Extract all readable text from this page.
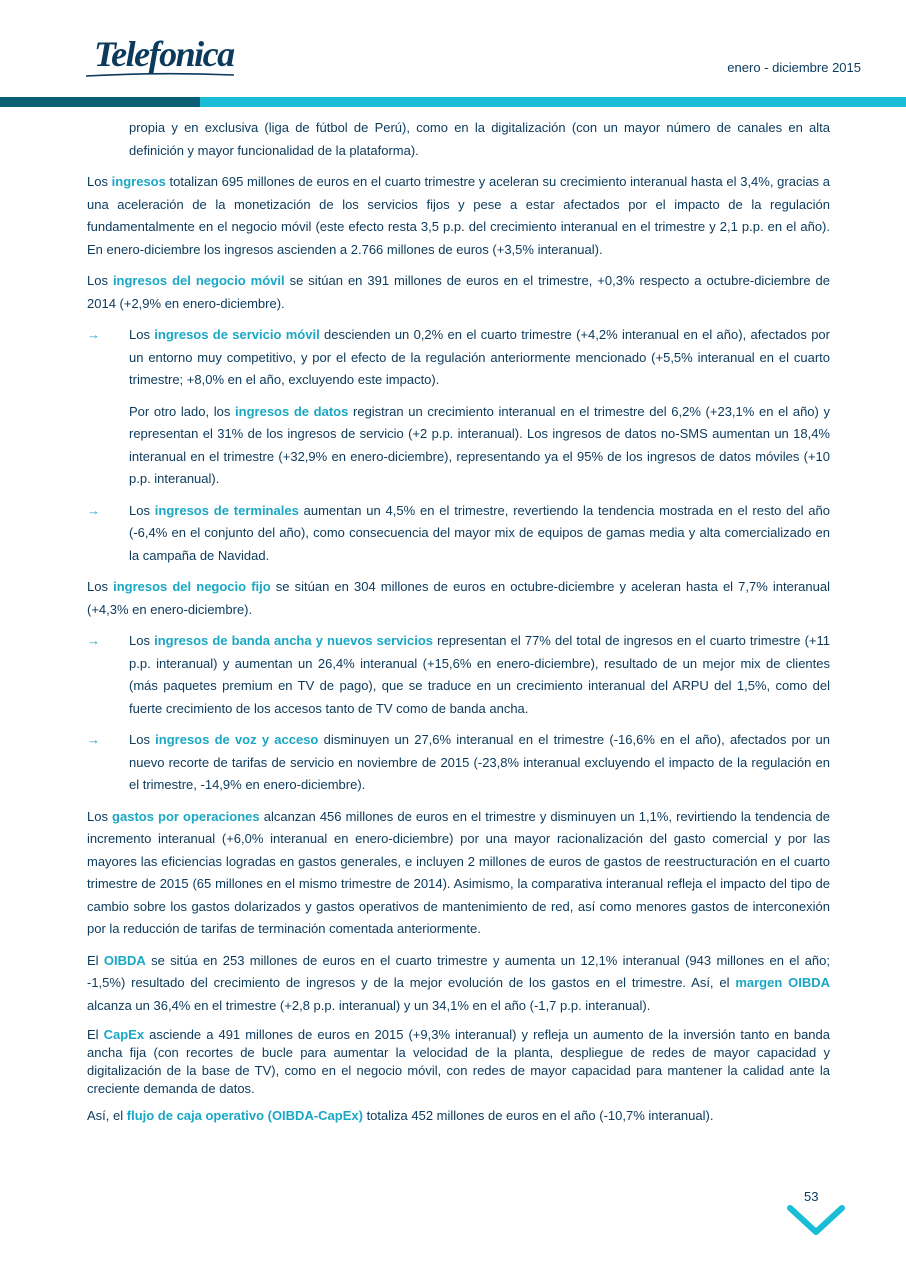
Telefonica	enero - diciembre 2015

propia y en exclusiva (liga de fútbol de Perú), como en la digitalización (con un mayor número de canales en alta definición y mayor funcionalidad de la plataforma).

Los ingresos totalizan 695 millones de euros en el cuarto trimestre y aceleran su crecimiento interanual hasta el 3,4%, gracias a una aceleración de la monetización de los servicios fijos y pese a estar afectados por el impacto de la regulación fundamentalmente en el negocio móvil (este efecto resta 3,5 p.p. del crecimiento interanual en el trimestre y 2,1 p.p. en el año). En enero-diciembre los ingresos ascienden a 2.766 millones de euros (+3,5% interanual).

Los ingresos del negocio móvil se sitúan en 391 millones de euros en el trimestre, +0,3% respecto a octubre-diciembre de 2014 (+2,9% en enero-diciembre).

→ Los ingresos de servicio móvil descienden un 0,2% en el cuarto trimestre (+4,2% interanual en el año), afectados por un entorno muy competitivo, y por el efecto de la regulación anteriormente mencionado (+5,5% interanual en el cuarto trimestre; +8,0% en el año, excluyendo este impacto).

Por otro lado, los ingresos de datos registran un crecimiento interanual en el trimestre del 6,2% (+23,1% en el año) y representan el 31% de los ingresos de servicio (+2 p.p. interanual). Los ingresos de datos no-SMS aumentan un 18,4% interanual en el trimestre (+32,9% en enero-diciembre), representando ya el 95% de los ingresos de datos móviles (+10 p.p. interanual).

→ Los ingresos de terminales aumentan un 4,5% en el trimestre, revertiendo la tendencia mostrada en el resto del año (-6,4% en el conjunto del año), como consecuencia del mayor mix de equipos de gamas media y alta comercializado en la campaña de Navidad.

Los ingresos del negocio fijo se sitúan en 304 millones de euros en octubre-diciembre y aceleran hasta el 7,7% interanual (+4,3% en enero-diciembre).

→ Los ingresos de banda ancha y nuevos servicios representan el 77% del total de ingresos en el cuarto trimestre (+11 p.p. interanual) y aumentan un 26,4% interanual (+15,6% en enero-diciembre), resultado de un mejor mix de clientes (más paquetes premium en TV de pago), que se traduce en un crecimiento interanual del ARPU del 1,5%, como del fuerte crecimiento de los accesos tanto de TV como de banda ancha.
→ Los ingresos de voz y acceso disminuyen un 27,6% interanual en el trimestre (-16,6% en el año), afectados por un nuevo recorte de tarifas de servicio en noviembre de 2015 (-23,8% interanual excluyendo el impacto de la regulación en el trimestre, -14,9% en enero-diciembre).

Los gastos por operaciones alcanzan 456 millones de euros en el trimestre y disminuyen un 1,1%, revirtiendo la tendencia de incremento interanual (+6,0% interanual en enero-diciembre) por una mayor racionalización del gasto comercial y por las mayores las eficiencias logradas en gastos generales, e incluyen 2 millones de euros de gastos de reestructuración en el cuarto trimestre de 2015 (65 millones en el mismo trimestre de 2014). Asimismo, la comparativa interanual refleja el impacto del tipo de cambio sobre los gastos dolarizados y gastos operativos de mantenimiento de red, así como menores gastos de interconexión por la reducción de tarifas de terminación comentada anteriormente.

El OIBDA se sitúa en 253 millones de euros en el cuarto trimestre y aumenta un 12,1% interanual (943 millones en el año; -1,5%) resultado del crecimiento de ingresos y de la mejor evolución de los gastos en el trimestre. Así, el margen OIBDA alcanza un 36,4% en el trimestre (+2,8 p.p. interanual) y un 34,1% en el año (-1,7 p.p. interanual).

El CapEx asciende a 491 millones de euros en 2015 (+9,3% interanual) y refleja un aumento de la inversión tanto en banda ancha fija (con recortes de bucle para aumentar la velocidad de la planta, despliegue de redes de mayor capacidad y digitalización de la base de TV), como en el negocio móvil, con redes de mayor capacidad para mantener la calidad ante la creciente demanda de datos.

Así, el flujo de caja operativo (OIBDA-CapEx) totaliza 452 millones de euros en el año (-10,7% interanual).

53
